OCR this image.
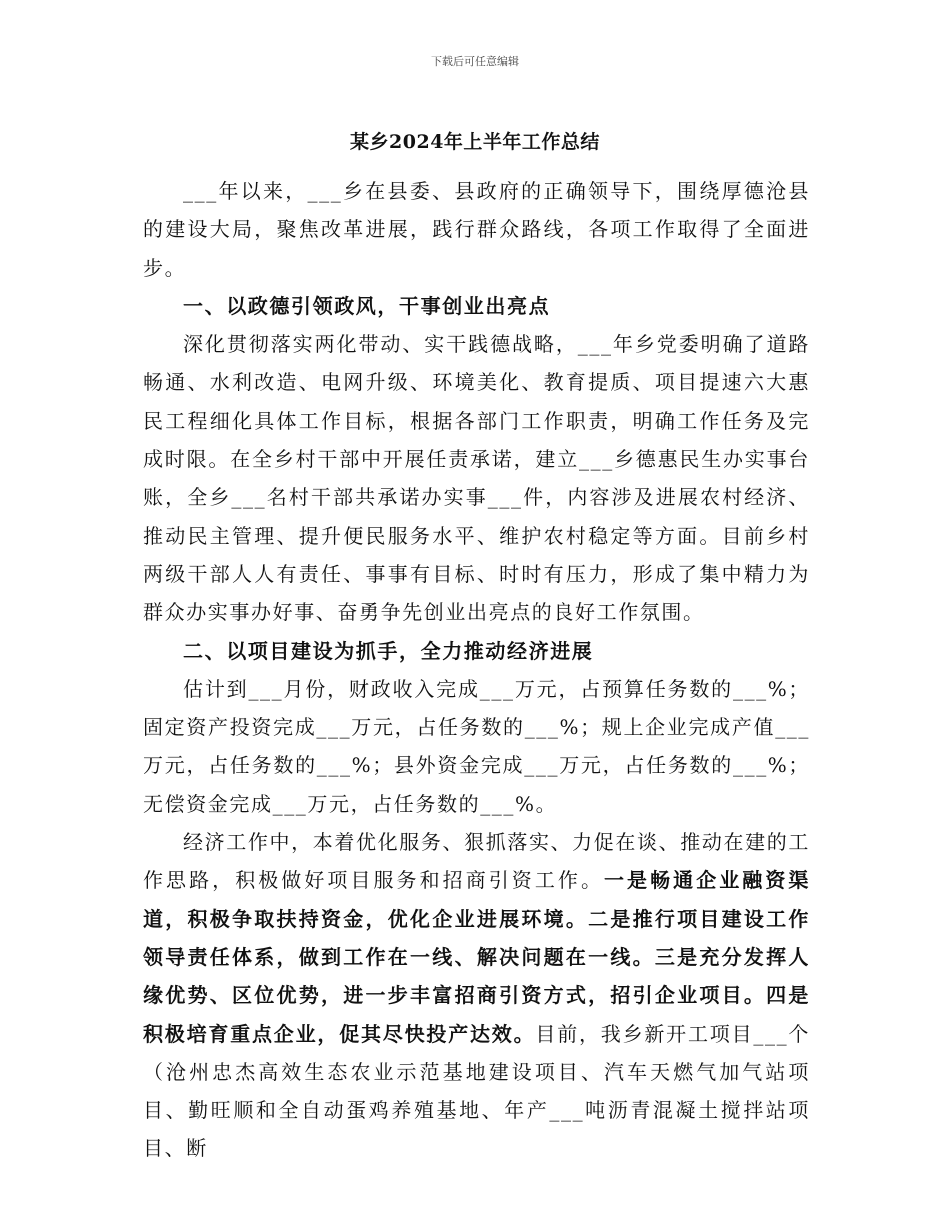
下载后可任意编辑
某乡2024年上半年工作总结

___年以来，___乡在县委、县政府的正确领导下，围绕厚德沧县的建设大局，聚焦改革进展，践行群众路线，各项工作取得了全面进步。

一、以政德引领政风，干事创业出亮点

深化贯彻落实两化带动、实干践德战略，___年乡党委明确了道路畅通、水利改造、电网升级、环境美化、教育提质、项目提速六大惠民工程细化具体工作目标，根据各部门工作职责，明确工作任务及完成时限。在全乡村干部中开展任责承诺，建立___乡德惠民生办实事台账，全乡___名村干部共承诺办实事___件，内容涉及进展农村经济、推动民主管理、提升便民服务水平、维护农村稳定等方面。目前乡村两级干部人人有责任、事事有目标、时时有压力，形成了集中精力为群众办实事办好事、奋勇争先创业出亮点的良好工作氛围。

二、以项目建设为抓手，全力推动经济进展

估计到___月份，财政收入完成___万元，占预算任务数的___%；固定资产投资完成___万元，占任务数的___%；规上企业完成产值___万元，占任务数的___%；县外资金完成___万元，占任务数的___%；无偿资金完成___万元，占任务数的___%。

经济工作中，本着优化服务、狠抓落实、力促在谈、推动在建的工作思路，积极做好项目服务和招商引资工作。一是畅通企业融资渠道，积极争取扶持资金，优化企业进展环境。二是推行项目建设工作领导责任体系，做到工作在一线、解决问题在一线。三是充分发挥人缘优势、区位优势，进一步丰富招商引资方式，招引企业项目。四是积极培育重点企业，促其尽快投产达效。目前，我乡新开工项目___个（沧州忠杰高效生态农业示范基地建设项目、汽车天燃气加气站项目、勤旺顺和全自动蛋鸡养殖基地、年产___吨沥青混凝土搅拌站项目、断
